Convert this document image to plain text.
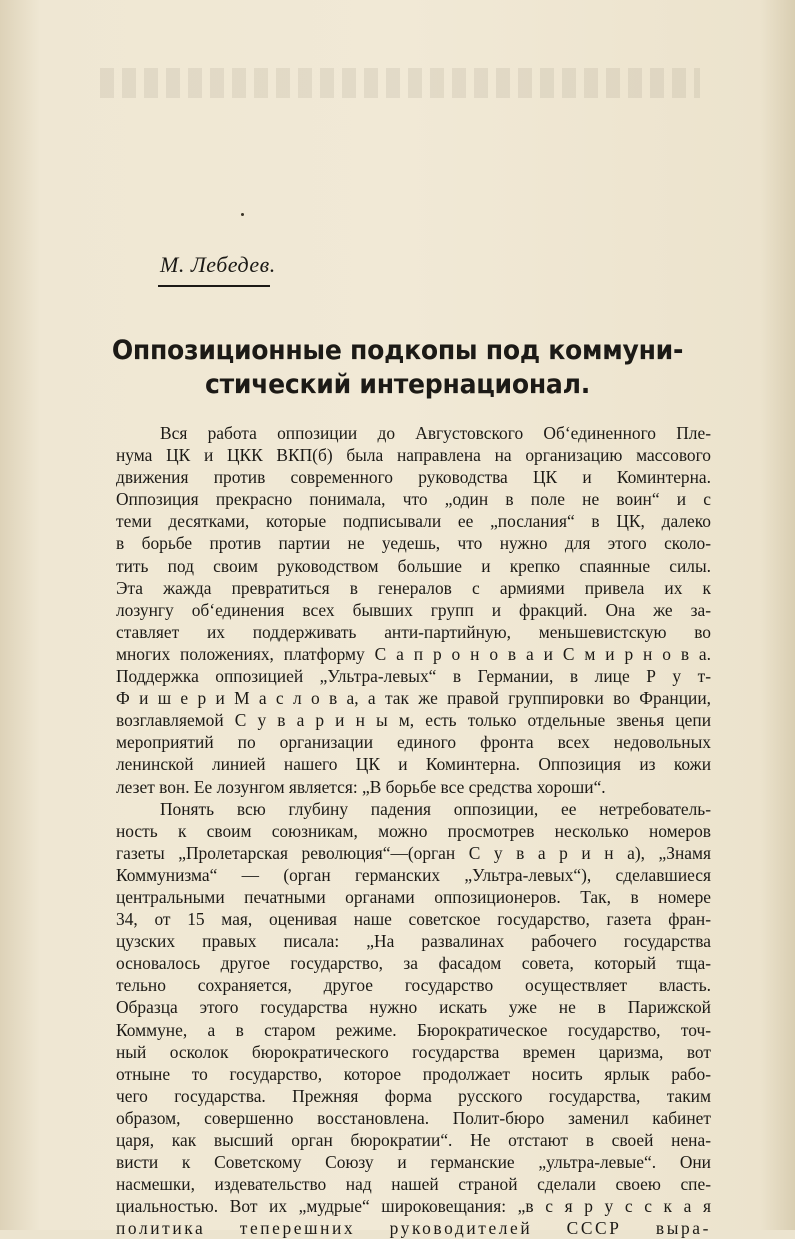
М. Лебедев.
Оппозиционные подкопы под коммуни-
стический интернационал.
Вся работа оппозиции до Августовского Об‘единенного Пле-
нума ЦК и ЦКК ВКП(б) была направлена на организацию массового
движения против современного руководства ЦК и Коминтерна.
Оппозиция прекрасно понимала, что „один в поле не воин“ и с
теми десятками, которые подписывали ее „послания“ в ЦК, далеко
в борьбе против партии не уедешь, что нужно для этого сколо-
тить под своим руководством большие и крепко спаянные силы.
Эта жажда превратиться в генералов с армиями привела их к
лозунгу об‘единения всех бывших групп и фракций. Она же за-
ставляет их поддерживать анти-партийную, меньшевистскую во
многих положениях, платформу С а п р о н о в а и С м и р н о в а.
Поддержка оппозицией „Ультра-левых“ в Германии, в лице Р у т-
Ф и ш е р и М а с л о в а, а так же правой группировки во Франции,
возглавляемой С у в а р и н ы м, есть только отдельные звенья цепи
мероприятий по организации единого фронта всех недовольных
ленинской линией нашего ЦК и Коминтерна. Оппозиция из кожи
лезет вон. Ее лозунгом является: „В борьбе все средства хороши“.
Понять всю глубину падения оппозиции, ее нетребователь-
ность к своим союзникам, можно просмотрев несколько номеров
газеты „Пролетарская революция“—(орган С у в а р и н а), „Знамя
Коммунизма“ — (орган германских „Ультра-левых“), сделавшиеся
центральными печатными органами оппозиционеров. Так, в номере
34, от 15 мая, оценивая наше советское государство, газета фран-
цузских правых писала: „На развалинах рабочего государства
основалось другое государство, за фасадом совета, который тща-
тельно сохраняется, другое государство осуществляет власть.
Образца этого государства нужно искать уже не в Парижской
Коммуне, а в старом режиме. Бюрократическое государство, точ-
ный осколок бюрократического государства времен царизма, вот
отныне то государство, которое продолжает носить ярлык рабо-
чего государства. Прежняя форма русского государства, таким
образом, совершенно восстановлена. Полит-бюро заменил кабинет
царя, как высший орган бюрократии“. Не отстают в своей нена-
висти к Советскому Союзу и германские „ультра-левые“. Они
насмешки, издевательство над нашей страной сделали своею спе-
циальностью. Вот их „мудрые“ широковещания: „в с я р у с с к а я
политика теперешних руководителей СССР выра-
